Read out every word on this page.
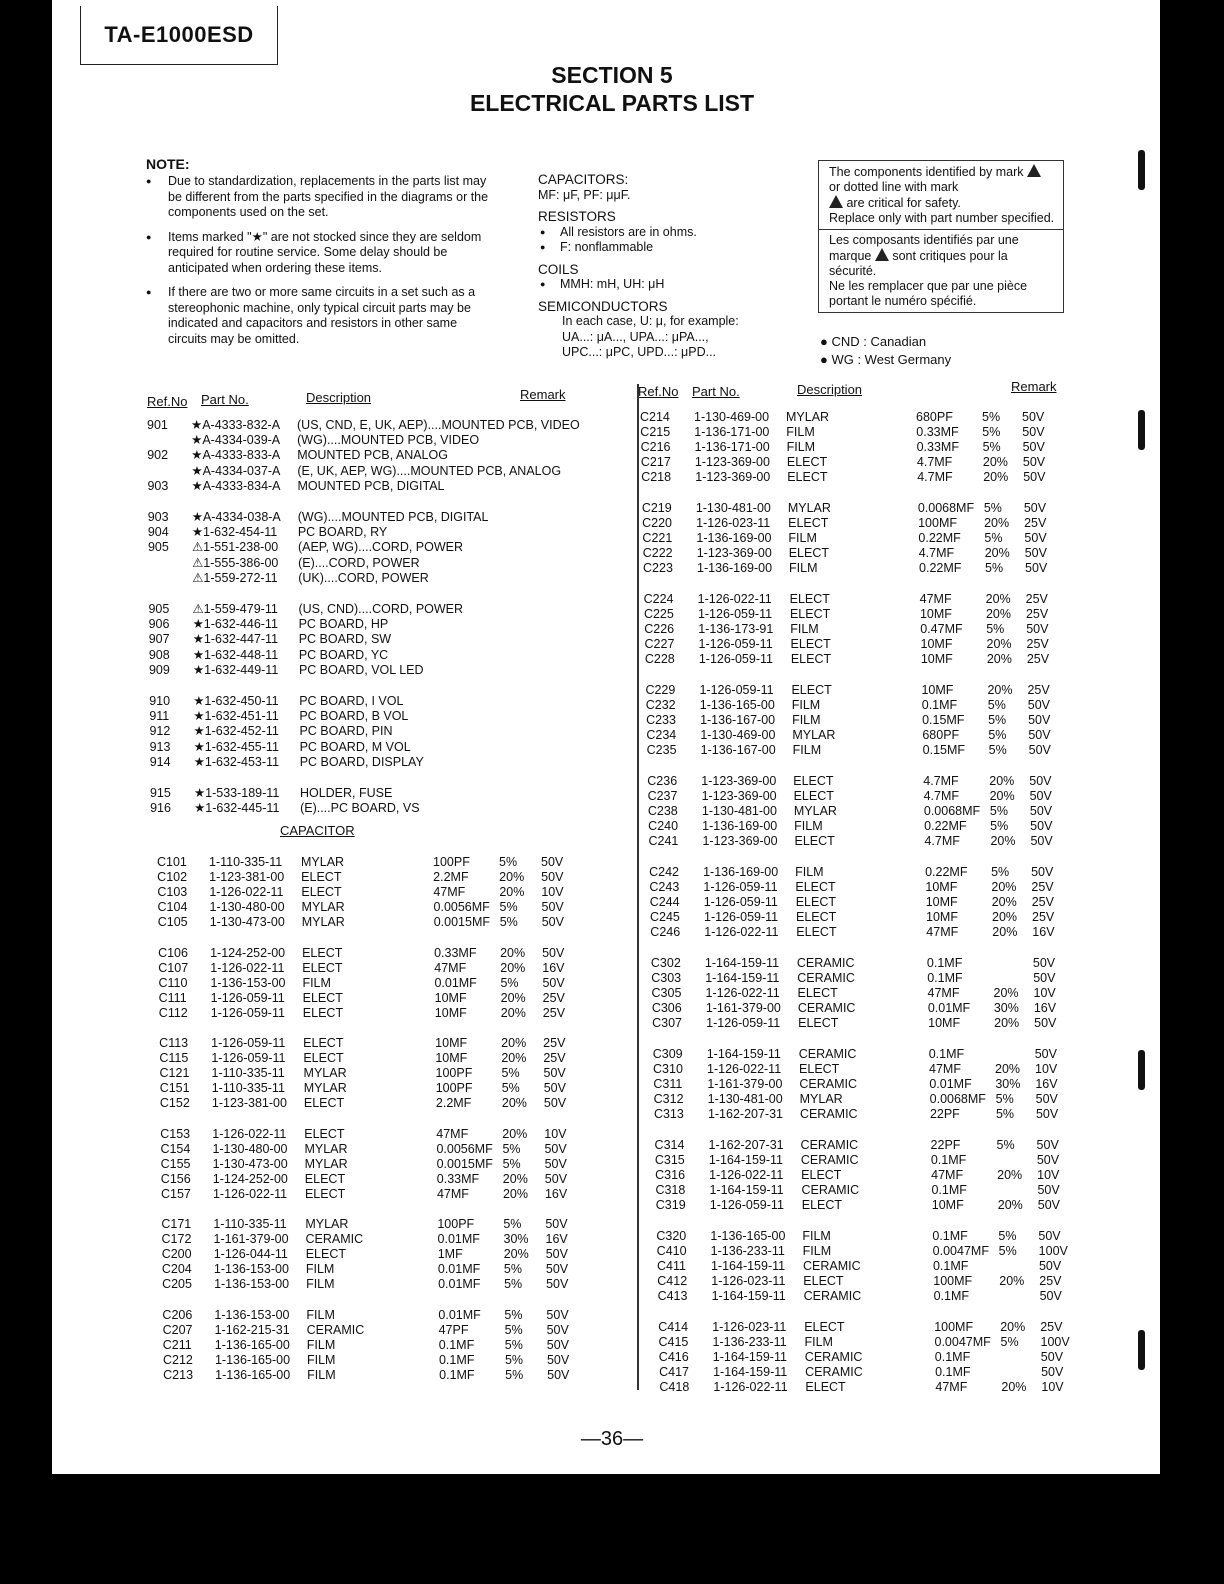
TA-E1000ESD
SECTION 5
ELECTRICAL PARTS LIST
NOTE:
● Due to standardization, replacements in the parts list may be different from the parts specified in the diagrams or the components used on the set.
● Items marked "★" are not stocked since they are seldom required for routine service. Some delay should be anticipated when ordering these items.
● If there are two or more same circuits in a set such as a stereophonic machine, only typical circuit parts may be indicated and capacitors and resistors in other same circuits may be omitted.
CAPACITORS:
MF: μF, PF: μμF.
RESISTORS
● All resistors are in ohms.
● F: nonflammable
COILS
● MMH: mH, UH: μH
SEMICONDUCTORS
In each case, U: μ, for example:
UA...: μA..., UPA...: μPA...,
UPC...: μPC, UPD...: μPD...
The components identified by mark  or dotted line with mark
are critical for safety.
Replace only with part number specified.
Les composants identifiés par une marque sont critiques pour la sécurité.
Ne les remplacer que par une pièce portant le numéro spécifié.
● CND : Canadian
● WG : West Germany
Ref.No Part No.	Description	Remark	Ref.No Part No.	Description	Remark
CAPACITOR
901 ★A-4333-832-A (US, CND, E, UK, AEP)....MOUNTED PCB, VIDEO
★A-4334-039-A (WG)....MOUNTED PCB, VIDEO
902 ★A-4333-833-A MOUNTED PCB, ANALOG
★A-4334-037-A (E, UK, AEP, WG)....MOUNTED PCB, ANALOG
903 ★A-4333-834-A MOUNTED PCB, DIGITAL
903 ★A-4334-038-A (WG)....MOUNTED PCB, DIGITAL
904 ★1-632-454-11 PC BOARD, RY
905 ⚠1-551-238-00 (AEP, WG)....CORD, POWER
⚠1-555-386-00 (E)....CORD, POWER
⚠1-559-272-11 (UK)....CORD, POWER
905 ⚠1-559-479-11 (US, CND)....CORD, POWER
906 ★1-632-446-11 PC BOARD, HP
907 ★1-632-447-11 PC BOARD, SW
908 ★1-632-448-11 PC BOARD, YC
909 ★1-632-449-11 PC BOARD, VOL LED
910 ★1-632-450-11 PC BOARD, I VOL
911 ★1-632-451-11 PC BOARD, B VOL
912 ★1-632-452-11 PC BOARD, PIN
913 ★1-632-455-11 PC BOARD, M VOL
914 ★1-632-453-11 PC BOARD, DISPLAY
915 ★1-533-189-11 HOLDER, FUSE
916 ★1-632-445-11 (E)....PC BOARD, VS
C101 1-110-335-11 MYLAR	100PF 5% 50V
C102 1-123-381-00 ELECT	2.2MF 20% 50V
C103 1-126-022-11 ELECT	47MF	20% 10V
C104 1-130-480-00 MYLAR	0.0056MF 5% 50V
C105 1-130-473-00 MYLAR	0.0015MF 5% 50V
C106 1-124-252-00 ELECT	0.33MF 20% 50V
C107 1-126-022-11 ELECT	47MF	20% 16V
C110 1-136-153-00 FILM	0.01MF 5% 50V
C111 1-126-059-11 ELECT	10MF	20% 25V
C112 1-126-059-11 ELECT	10MF	20% 25V
C113 1-126-059-11 ELECT	10MF	20% 25V
C115 1-126-059-11 ELECT	10MF	20% 25V
C121 1-110-335-11 MYLAR	100PF 5% 50V
C151 1-110-335-11 MYLAR	100PF 5% 50V
C152 1-123-381-00 ELECT	2.2MF 20% 50V
C153 1-126-022-11 ELECT	47MF	20% 10V
C154 1-130-480-00 MYLAR	0.0056MF 5% 50V
C155 1-130-473-00 MYLAR	0.0015MF 5% 50V
C156 1-124-252-00 ELECT	0.33MF 20% 50V
C157 1-126-022-11 ELECT	47MF	20% 16V
C171 1-110-335-11 MYLAR	100PF 5% 50V
C172 1-161-379-00 CERAMIC	0.01MF 30% 16V
C200 1-126-044-11 ELECT	1MF	20% 50V
C204 1-136-153-00 FILM	0.01MF 5% 50V
C205 1-136-153-00 FILM	0.01MF 5% 50V
C206 1-136-153-00 FILM	0.01MF 5% 50V
C207 1-162-215-31 CERAMIC	47PF	5% 50V
C211 1-136-165-00 FILM	0.1MF 5% 50V
C212 1-136-165-00 FILM	0.1MF 5% 50V
C213 1-136-165-00 FILM	0.1MF 5% 50V
C214 1-130-469-00 MYLAR	680PF 5% 50V
C215 1-136-171-00 FILM	0.33MF 5% 50V
C216 1-136-171-00 FILM	0.33MF 5% 50V
C217 1-123-369-00 ELECT	4.7MF 20% 50V
C218 1-123-369-00 ELECT	4.7MF 20% 50V
C219 1-130-481-00 MYLAR	0.0068MF 5% 50V
C220 1-126-023-11 ELECT	100MF 20% 25V
C221 1-136-169-00 FILM	0.22MF 5% 50V
C222 1-123-369-00 ELECT	4.7MF 20% 50V
C223 1-136-169-00 FILM	0.22MF 5% 50V
C224 1-126-022-11 ELECT	47MF	20% 25V
C225 1-126-059-11 ELECT	10MF	20% 25V
C226 1-136-173-91 FILM	0.47MF 5% 50V
C227 1-126-059-11 ELECT	10MF	20% 25V
C228 1-126-059-11 ELECT	10MF	20% 25V
C229 1-126-059-11 ELECT	10MF	20% 25V
C232 1-136-165-00 FILM	0.1MF 5% 50V
C233 1-136-167-00 FILM	0.15MF 5% 50V
C234 1-130-469-00 MYLAR	680PF 5% 50V
C235 1-136-167-00 FILM	0.15MF 5% 50V
C236 1-123-369-00 ELECT	4.7MF 20% 50V
C237 1-123-369-00 ELECT	4.7MF 20% 50V
C238 1-130-481-00 MYLAR	0.0068MF 5% 50V
C240 1-136-169-00 FILM	0.22MF 5% 50V
C241 1-123-369-00 ELECT	4.7MF 20% 50V
C242 1-136-169-00 FILM	0.22MF 5% 50V
C243 1-126-059-11 ELECT	10MF	20% 25V
C244 1-126-059-11 ELECT	10MF	20% 25V
C245 1-126-059-11 ELECT	10MF	20% 25V
C246 1-126-022-11 ELECT	47MF	20% 16V
C302 1-164-159-11 CERAMIC	0.1MF	50V
C303 1-164-159-11 CERAMIC	0.1MF	50V
C305 1-126-022-11 ELECT	47MF	20% 10V
C306 1-161-379-00 CERAMIC	0.01MF 30% 16V
C307 1-126-059-11 ELECT	10MF	20% 50V
C309 1-164-159-11 CERAMIC	0.1MF	50V
C310 1-126-022-11 ELECT	47MF	20% 10V
C311 1-161-379-00 CERAMIC	0.01MF 30% 16V
C312 1-130-481-00 MYLAR	0.0068MF 5% 50V
C313 1-162-207-31 CERAMIC	22PF	5% 50V
C314 1-162-207-31 CERAMIC	22PF	5% 50V
C315 1-164-159-11 CERAMIC	0.1MF	50V
C316 1-126-022-11 ELECT	47MF	20% 10V
C318 1-164-159-11 CERAMIC	0.1MF	50V
C319 1-126-059-11 ELECT	10MF	20% 50V
C320 1-136-165-00 FILM	0.1MF 5% 50V
C410 1-136-233-11 FILM	0.0047MF 5% 100V
C411 1-164-159-11 CERAMIC	0.1MF	50V
C412 1-126-023-11 ELECT	100MF 20% 25V
C413 1-164-159-11 CERAMIC	0.1MF	50V
C414 1-126-023-11 ELECT	100MF 20% 25V
C415 1-136-233-11 FILM	0.0047MF 5% 100V
C416 1-164-159-11 CERAMIC	0.1MF	50V
C417 1-164-159-11 CERAMIC	0.1MF	50V
C418 1-126-022-11 ELECT	47MF	20% 10V
—36—
